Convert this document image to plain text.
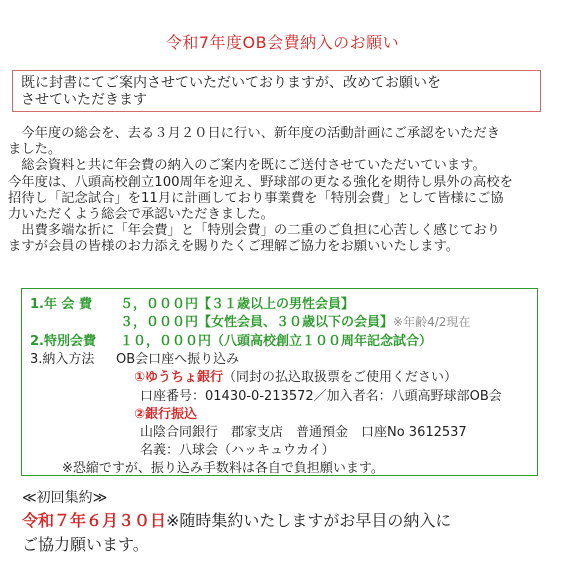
令和7年度OB会費納入のお願い
既に封書にてご案内させていただいておりますが、改めてお願いを
させていただきます

今年度の総会を、去る３月２０日に行い、新年度の活動計画にご承認をいただき

ました。

総会資料と共に年会費の納入のご案内を既にご送付させていただいています。

今年度は、八頭高校創立100周年を迎え、野球部の更なる強化を期待し県外の高校を

招待し「記念試合」を11月に計画しており事業費を「特別会費」として皆様にご協

力いただくよう総会で承認いただきました。

出費多端な折に「年会費」と「特別会費」の二重のご負担に心苦しく感じており

ますが会員の皆様のお力添えを賜りたくご理解ご協力をお願いいたします。

1.年 会 費 ５，０００円【３１歳以上の男性会員】
３，０００円【女性会員、３０歳以下の会員】※年齢4/2現在
2.特別会費 １０，０００円（八頭高校創立１００周年記念試合）
3.納入方法 OB会口座へ振り込み
①ゆうちょ銀行（同封の払込取扱票をご使用ください）
口座番号：01430-0-213572／加入者名：八頭高野球部OB会
②銀行振込
山陰合同銀行　郡家支店　普通預金　口座No 3612537
名義：八球会（ハッキュウカイ）
※恐縮ですが、振り込み手数料は各自で負担願います。
≪初回集約≫
令和７年６月３０日※随時集約いたしますがお早目の納入に
ご協力願います。
